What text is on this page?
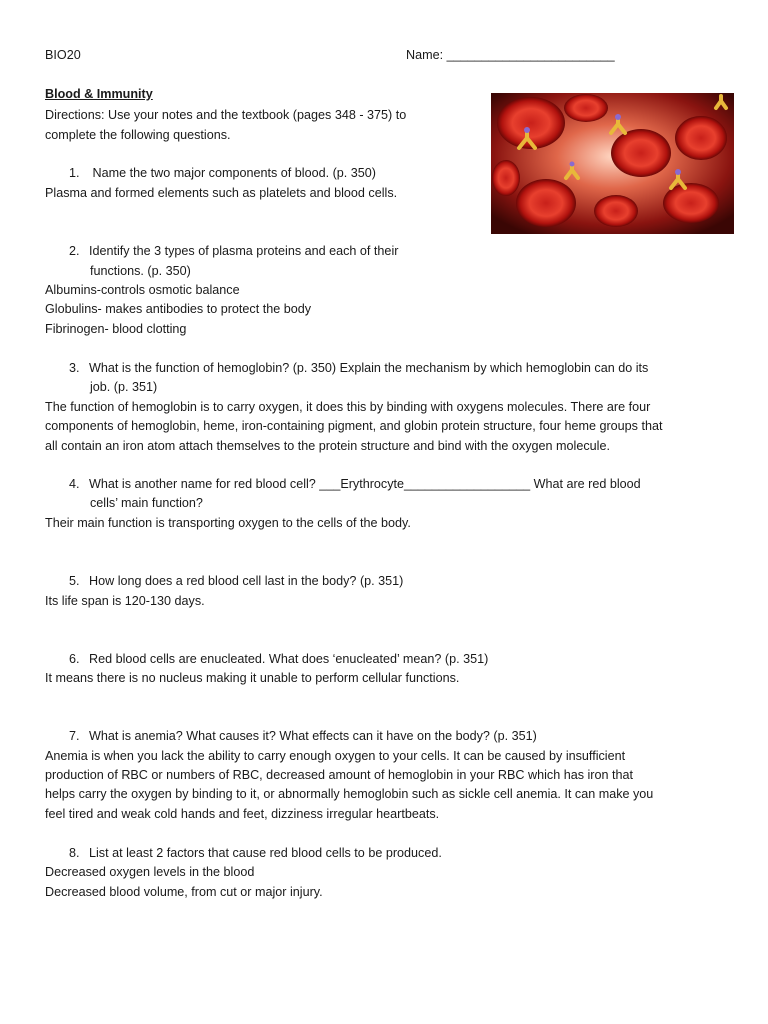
BIO20	Name: ________________________
Blood & Immunity
Directions: Use your notes and the textbook (pages 348 - 375) to
complete the following questions.
1. Name the two major components of blood. (p. 350)
Plasma and formed elements such as platelets and blood cells.
2. Identify the 3 types of plasma proteins and each of their
functions. (p. 350)
Albumins-controls osmotic balance
Globulins- makes antibodies to protect the body
Fibrinogen- blood clotting
3. What is the function of hemoglobin? (p. 350) Explain the mechanism by which hemoglobin can do its
job. (p. 351)
The function of hemoglobin is to carry oxygen, it does this by binding with oxygens molecules. There are four
components of hemoglobin, heme, iron-containing pigment, and globin protein structure, four heme groups that
all contain an iron atom attach themselves to the protein structure and bind with the oxygen molecule.
4. What is another name for red blood cell? ___Erythrocyte__________________ What are red blood
cells’ main function?
Their main function is transporting oxygen to the cells of the body.
5. How long does a red blood cell last in the body? (p. 351)
Its life span is 120-130 days.
6. Red blood cells are enucleated. What does ‘enucleated’ mean? (p. 351)
It means there is no nucleus making it unable to perform cellular functions.
7. What is anemia? What causes it? What effects can it have on the body? (p. 351)
Anemia is when you lack the ability to carry enough oxygen to your cells. It can be caused by insufficient
production of RBC or numbers of RBC, decreased amount of hemoglobin in your RBC which has iron that
helps carry the oxygen by binding to it, or abnormally hemoglobin such as sickle cell anemia. It can make you
feel tired and weak cold hands and feet, dizziness irregular heartbeats.
8. List at least 2 factors that cause red blood cells to be produced.
Decreased oxygen levels in the blood
Decreased blood volume, from cut or major injury.
